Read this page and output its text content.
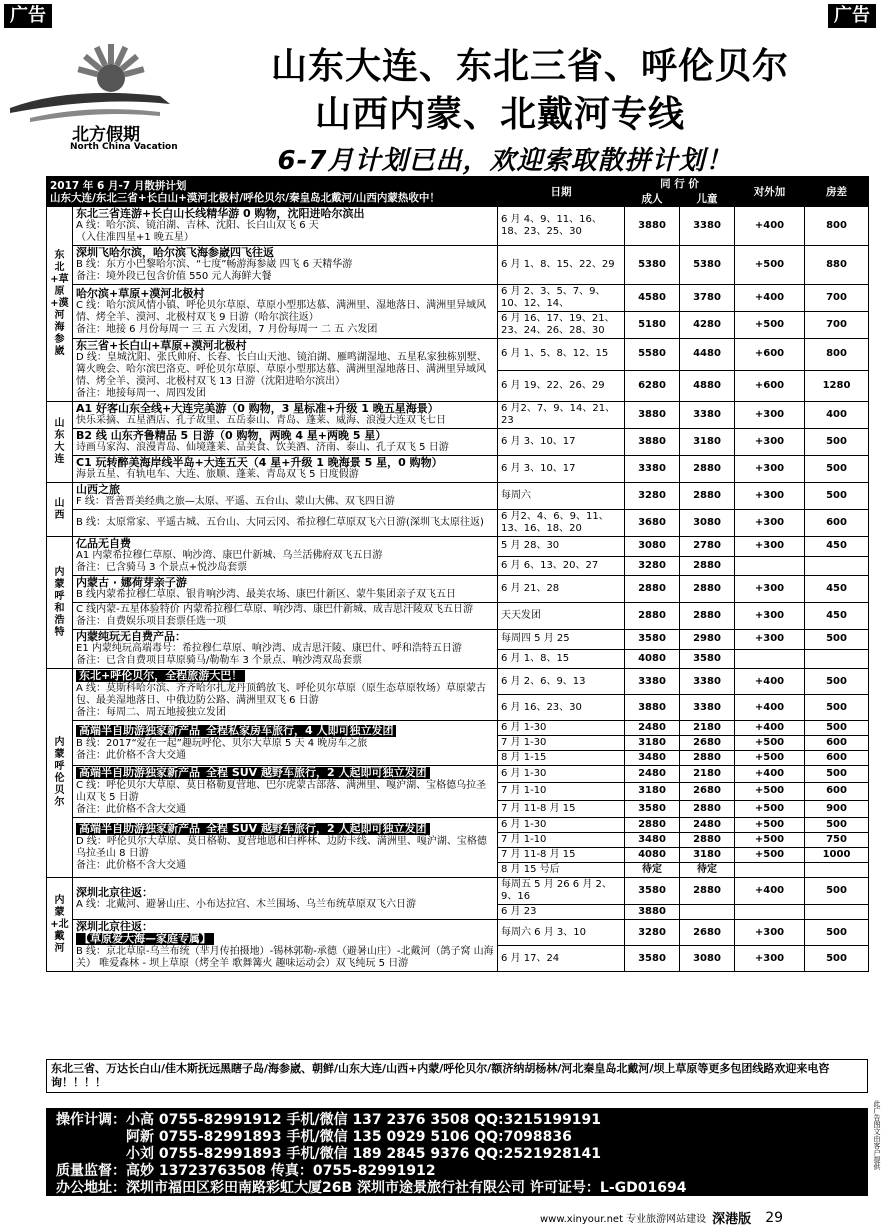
广告	广告
北方假期
North China Vacation
山东大连、东北三省、呼伦贝尔
山西内蒙、北戴河专线
6-7月计划已出，欢迎索取散拼计划！
2017 年 6 月-7 月散拼计划
山东大连/东北三省+长白山+漠河北极村/呼伦贝尔/秦皇岛北戴河/山西内蒙热收中！		日期	同 行 价		对外加	房差
			成人	儿童		
东北+草原+漠河 海参崴	东北三省连游+长白山长线精华游 0 购物，沈阳进哈尔滨出
A 线：哈尔滨、镜泊湖、吉林、沈阳、长白山双飞 6 天
（入住准四星+1 晚五星）	6 月 4、9、11、16、18、23、25、30	3880	3380	+400	800

	深圳飞哈尔滨，哈尔滨飞海参崴四飞往返
B 线：东方小巴黎哈尔滨、“七度”畅游海参崴 四飞 6 天精华游
备注：境外段已包含价值 550 元人海鲜大餐	6 月 1、8、15、22、29	5380	5380	+500	880

	哈尔滨+草原+漠河北极村
C 线：哈尔滨风情小镇、呼伦贝尔草原、草原小型那达慕、满洲里、湿地落日、满洲里异域风情、烤全羊、漠河、北极村双飞 9 日游（哈尔滨往返）
备注：地接 6 月份每周一 三 五 六发团，7 月份每周一 二 五 六发团	6 月 2、3、5、7、9、10、12、14、	4580	3780	+400	700
		6 月 16、17、19、21、23、24、26、28、30	5180	4280	+500	700

	东三省+长白山+草原+漠河北极村
D 线：皇城沈阳、张氏帅府、长春、长白山天池、镜泊湖、雁鸣湖湿地、五星私家独栋别墅、篝火晚会、哈尔滨巴洛克、呼伦贝尔草原、草原小型那达慕、满洲里湿地落日、满洲里异域风情、烤全羊、漠河、北极村双飞 13 日游（沈阳进哈尔滨出）
备注：地接每周一、周四发团	6 月 1、5、8、12、15	5580	4480	+600	800
		6 月 19、22、26、29	6280	4880	+600	1280
山东大连	A1 好客山东全线+大连完美游（0 购物，3 星标准+升级 1 晚五星海景）
快乐采摘、五星酒店、孔子故里、五岳泰山、青岛、蓬莱、威海、浪漫大连双飞七日	6 月2、7、9、14、21、23	3880	3380	+300	400

	B2 线 山东齐鲁精品 5 日游（0 购物，两晚 4 星+两晚 5 星）
诗画马家沟、浪漫青岛、仙境蓬莱、品美食、饮美酒、济南、泰山、孔子双飞 5 日游	6 月 3、10、17	3880	3180	+300	500

	C1 玩转醉美海岸线半岛+大连五天（4 星+升级 1 晚海景 5 星，0 购物）
海景五星、有轨电车、大连、旅顺、蓬莱、青岛双飞 5 日度假游	6 月 3、10、17	3380	2880	+300	500
山西	山西之旅
F 线：晋善晋美经典之旅—太原、平遥、五台山、蒙山大佛、双飞四日游	每周六	3280	2880	+300	500

	B 线：太原常家、平遥古城、五台山、大同云冈、希拉穆仁草原双飞六日游(深圳飞太原往返)	6 月2、4、6、9、11、13、16、18、20	3680	3080	+300	600
内蒙 呼和浩特	亿品无自费
A1 内蒙希拉穆仁草原、响沙湾、康巴什新城、乌兰活佛府双飞五日游
备注：已含骑马 3 个景点+悦沙岛套票	5 月 28、30	3080	2780	+300	450
		6 月 6、13、20、27	3280	2880		

	内蒙古 · 娜荷芽亲子游
B 线内蒙希拉穆仁草原、银肯响沙湾、最美农场、康巴什新区、蒙牛集团亲子双飞五日	6 月 21、28	2880	2880	+300	450

	C 线内蒙-五星体验特价 内蒙希拉穆仁草原、响沙湾、康巴什新城、成吉思汗陵双飞五日游
备注：自费娱乐项目套票任选一项	天天发团	2880	2880	+300	450

	内蒙纯玩无自费产品：
E1 内蒙纯玩高端毒号：希拉穆仁草原、响沙湾、成吉思汗陵、康巴什、呼和浩特五日游
备注：已含自费项目草原骑马/勒勒车 3 个景点、响沙湾双岛套票	每周四 5 月 25	3580	2980	+300	500
		6 月 1、8、15	4080	3580		
内蒙 呼伦贝尔	东北+呼伦贝尔，全程旅游大巴！
A 线：莫斯科哈尔滨、齐齐哈尔扎龙丹顶鹤放飞、呼伦贝尔草原（原生态草原牧场）草原蒙古包、最美湿地落日、中俄边防公路、满洲里双飞 6 日游
备注：每周二、周五地接独立发团	6 月 2、6、9、13	3380	3380	+400	500
		6 月 16、23、30	3880	3380	+400	500
	高端半自助游独家新产品 全程私家房车旅行，4 人即可独立发团
B 线：2017“爱在一起”趣玩呼伦、贝尔大草原 5 天 4 晚房车之旅
备注：此价格不含大交通	6 月 1-30	2480	2180	+400	500
		7 月 1-30	3180	2680	+500	600
		8 月 1-15	3480	2880	+500	600
	高端半自助游独家新产品 全程 SUV 越野车旅行，2 人起即可独立发团
C 线：呼伦贝尔大草原、莫日格勒夏营地、巴尔虎蒙古部落、满洲里、嘎沪湖、宝格德乌拉圣山双飞 5 日游
备注：此价格不含大交通	6 月 1-30	2480	2180	+400	500
		7 月 1-10	3180	2680	+500	600
		7 月 11-8 月 15	3580	2880	+500	900
	高端半自助游独家新产品 全程 SUV 越野车旅行，2 人起即可独立发团
D 线：呼伦贝尔大草原、莫日格勒、夏营地恩和白桦林、边防卡线、满洲里、嘎沪湖、宝格德乌拉圣山 8 日游
备注：此价格不含大交通	6 月 1-30	2880	2480	+500	500
		7 月 1-10	3480	2880	+500	750
		7 月 11-8 月 15	4080	3180	+500	1000
		8 月 15 号后	待定	待定		
内蒙+北戴河	深圳北京往返：
A 线：北戴河、避暑山庄、小布达拉宫、木兰围场、乌兰布统草原双飞六日游	每周五 5 月 26 6 月 2、9、16	3580	2880	+400	500
		6 月 23	3880			

	深圳北京往返：
【草原爱大海—家庭专属】
B 线：京北草原-乌兰布统（芈月传拍摄地）-锡林郭勒-承德（避暑山庄）-北戴河（鸽子窝 山海关） 唯爱森林 - 坝上草原（烤全羊 歌舞篝火 趣味运动会）双飞纯玩 5 日游	每周六 6 月 3、10	3280	2680	+300	500
		6 月 17、24	3580	3080	+300	500
东北三省、万达长白山/佳木斯抚远黑瞎子岛/海参崴、朝鲜/山东大连/山西+内蒙/呼伦贝尔/额济纳胡杨林/河北秦皇岛北戴河/坝上草原等更多包团线路欢迎来电咨询！！！！
操作计调：小高 0755-82991912 手机/微信 137 2376 3508 QQ:3215199191
阿新 0755-82991893 手机/微信 135 0929 5106 QQ:7098836
小刘 0755-82991893 手机/微信 189 2845 9376 QQ:2521928141
质量监督：高妙 13723763508 传真：0755-82991912
办公地址：深圳市福田区彩田南路彩虹大厦26B 深圳市途景旅行社有限公司 许可证号：L-GD01694
www.xinyour.net 专业旅游网站建设 深港版 29
此广告图文由客户提供
